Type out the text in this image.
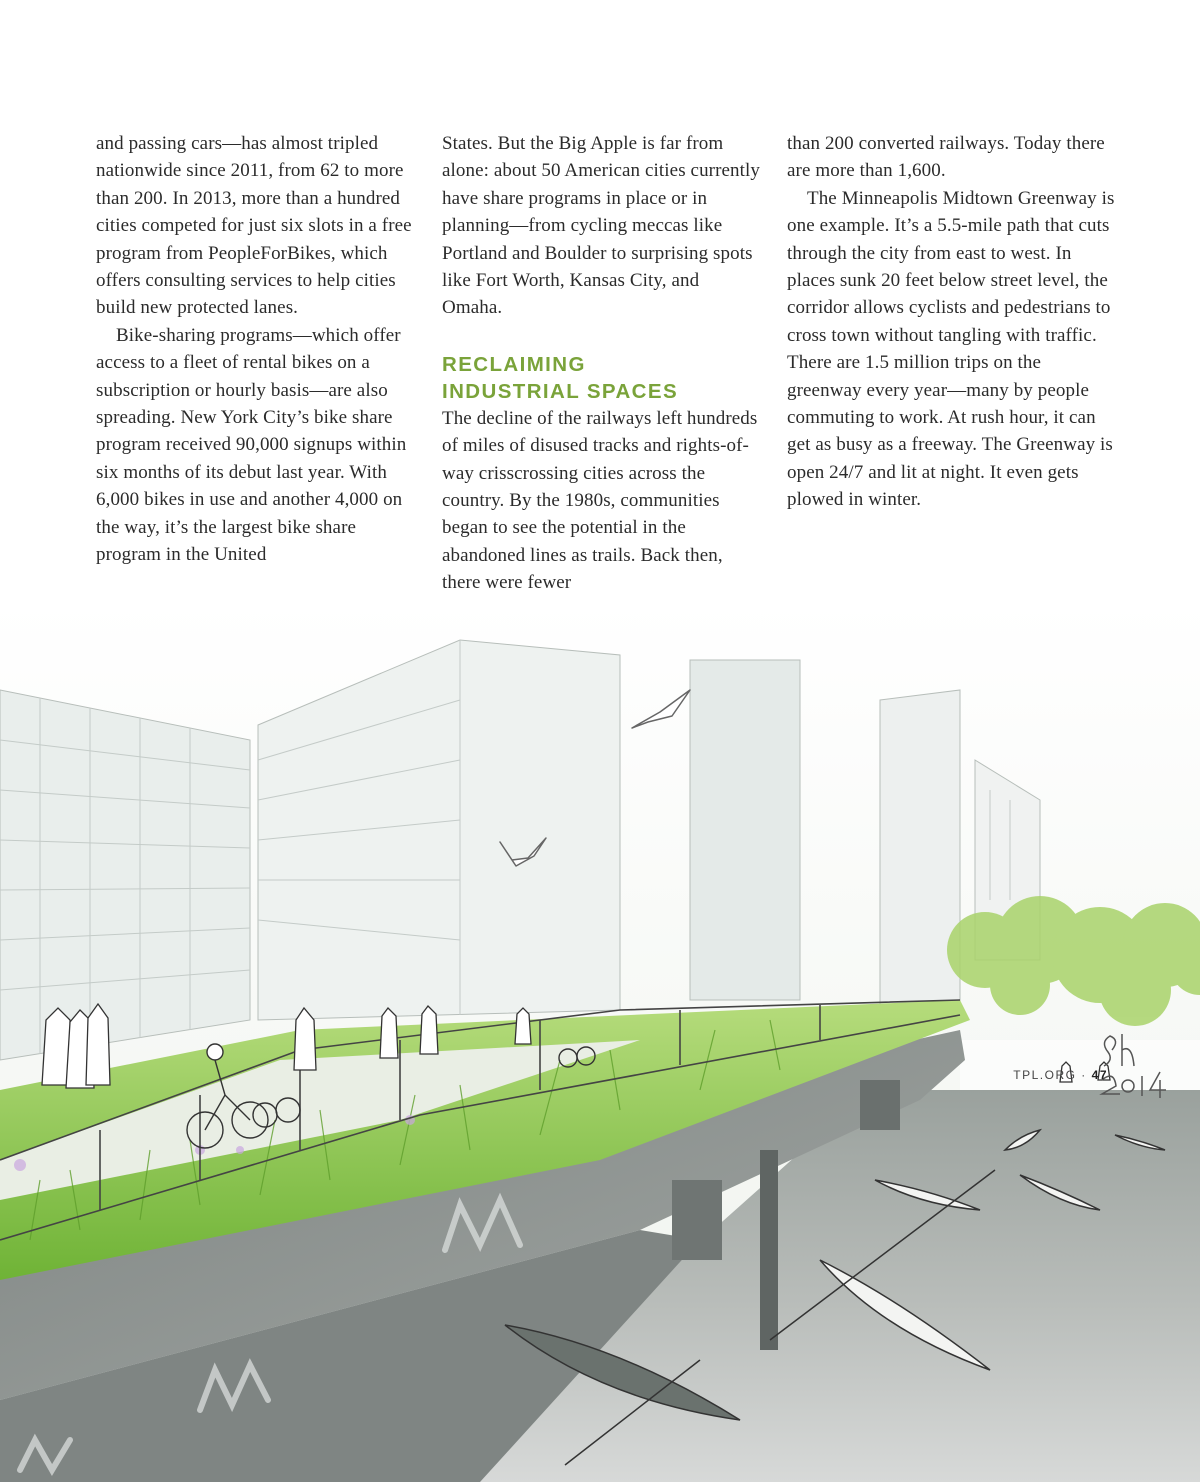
and passing cars—has almost tripled nationwide since 2011, from 62 to more than 200. In 2013, more than a hundred cities competed for just six slots in a free program from PeopleForBikes, which offers consulting services to help cities build new protected lanes.

Bike-sharing programs—which offer access to a fleet of rental bikes on a subscription or hourly basis—are also spreading. New York City’s bike share program received 90,000 signups within six months of its debut last year. With 6,000 bikes in use and another 4,000 on the way, it’s the largest bike share program in the United

States. But the Big Apple is far from alone: about 50 American cities currently have share programs in place or in planning—from cycling meccas like Portland and Boulder to surprising spots like Fort Worth, Kansas City, and Omaha.

RECLAIMING
INDUSTRIAL SPACES

The decline of the railways left hundreds of miles of disused tracks and rights-of-way crisscrossing cities across the country. By the 1980s, communities began to see the potential in the abandoned lines as trails. Back then, there were fewer

than 200 converted railways. Today there are more than 1,600.

The Minneapolis Midtown Greenway is one example. It’s a 5.5-mile path that cuts through the city from east to west. In places sunk 20 feet below street level, the corridor allows cyclists and pedestrians to cross town without tangling with traffic. There are 1.5 million trips on the greenway every year—many by people commuting to work. At rush hour, it can get as busy as a freeway. The Greenway is open 24/7 and lit at night. It even gets plowed in winter.

TPL.ORG · 47
